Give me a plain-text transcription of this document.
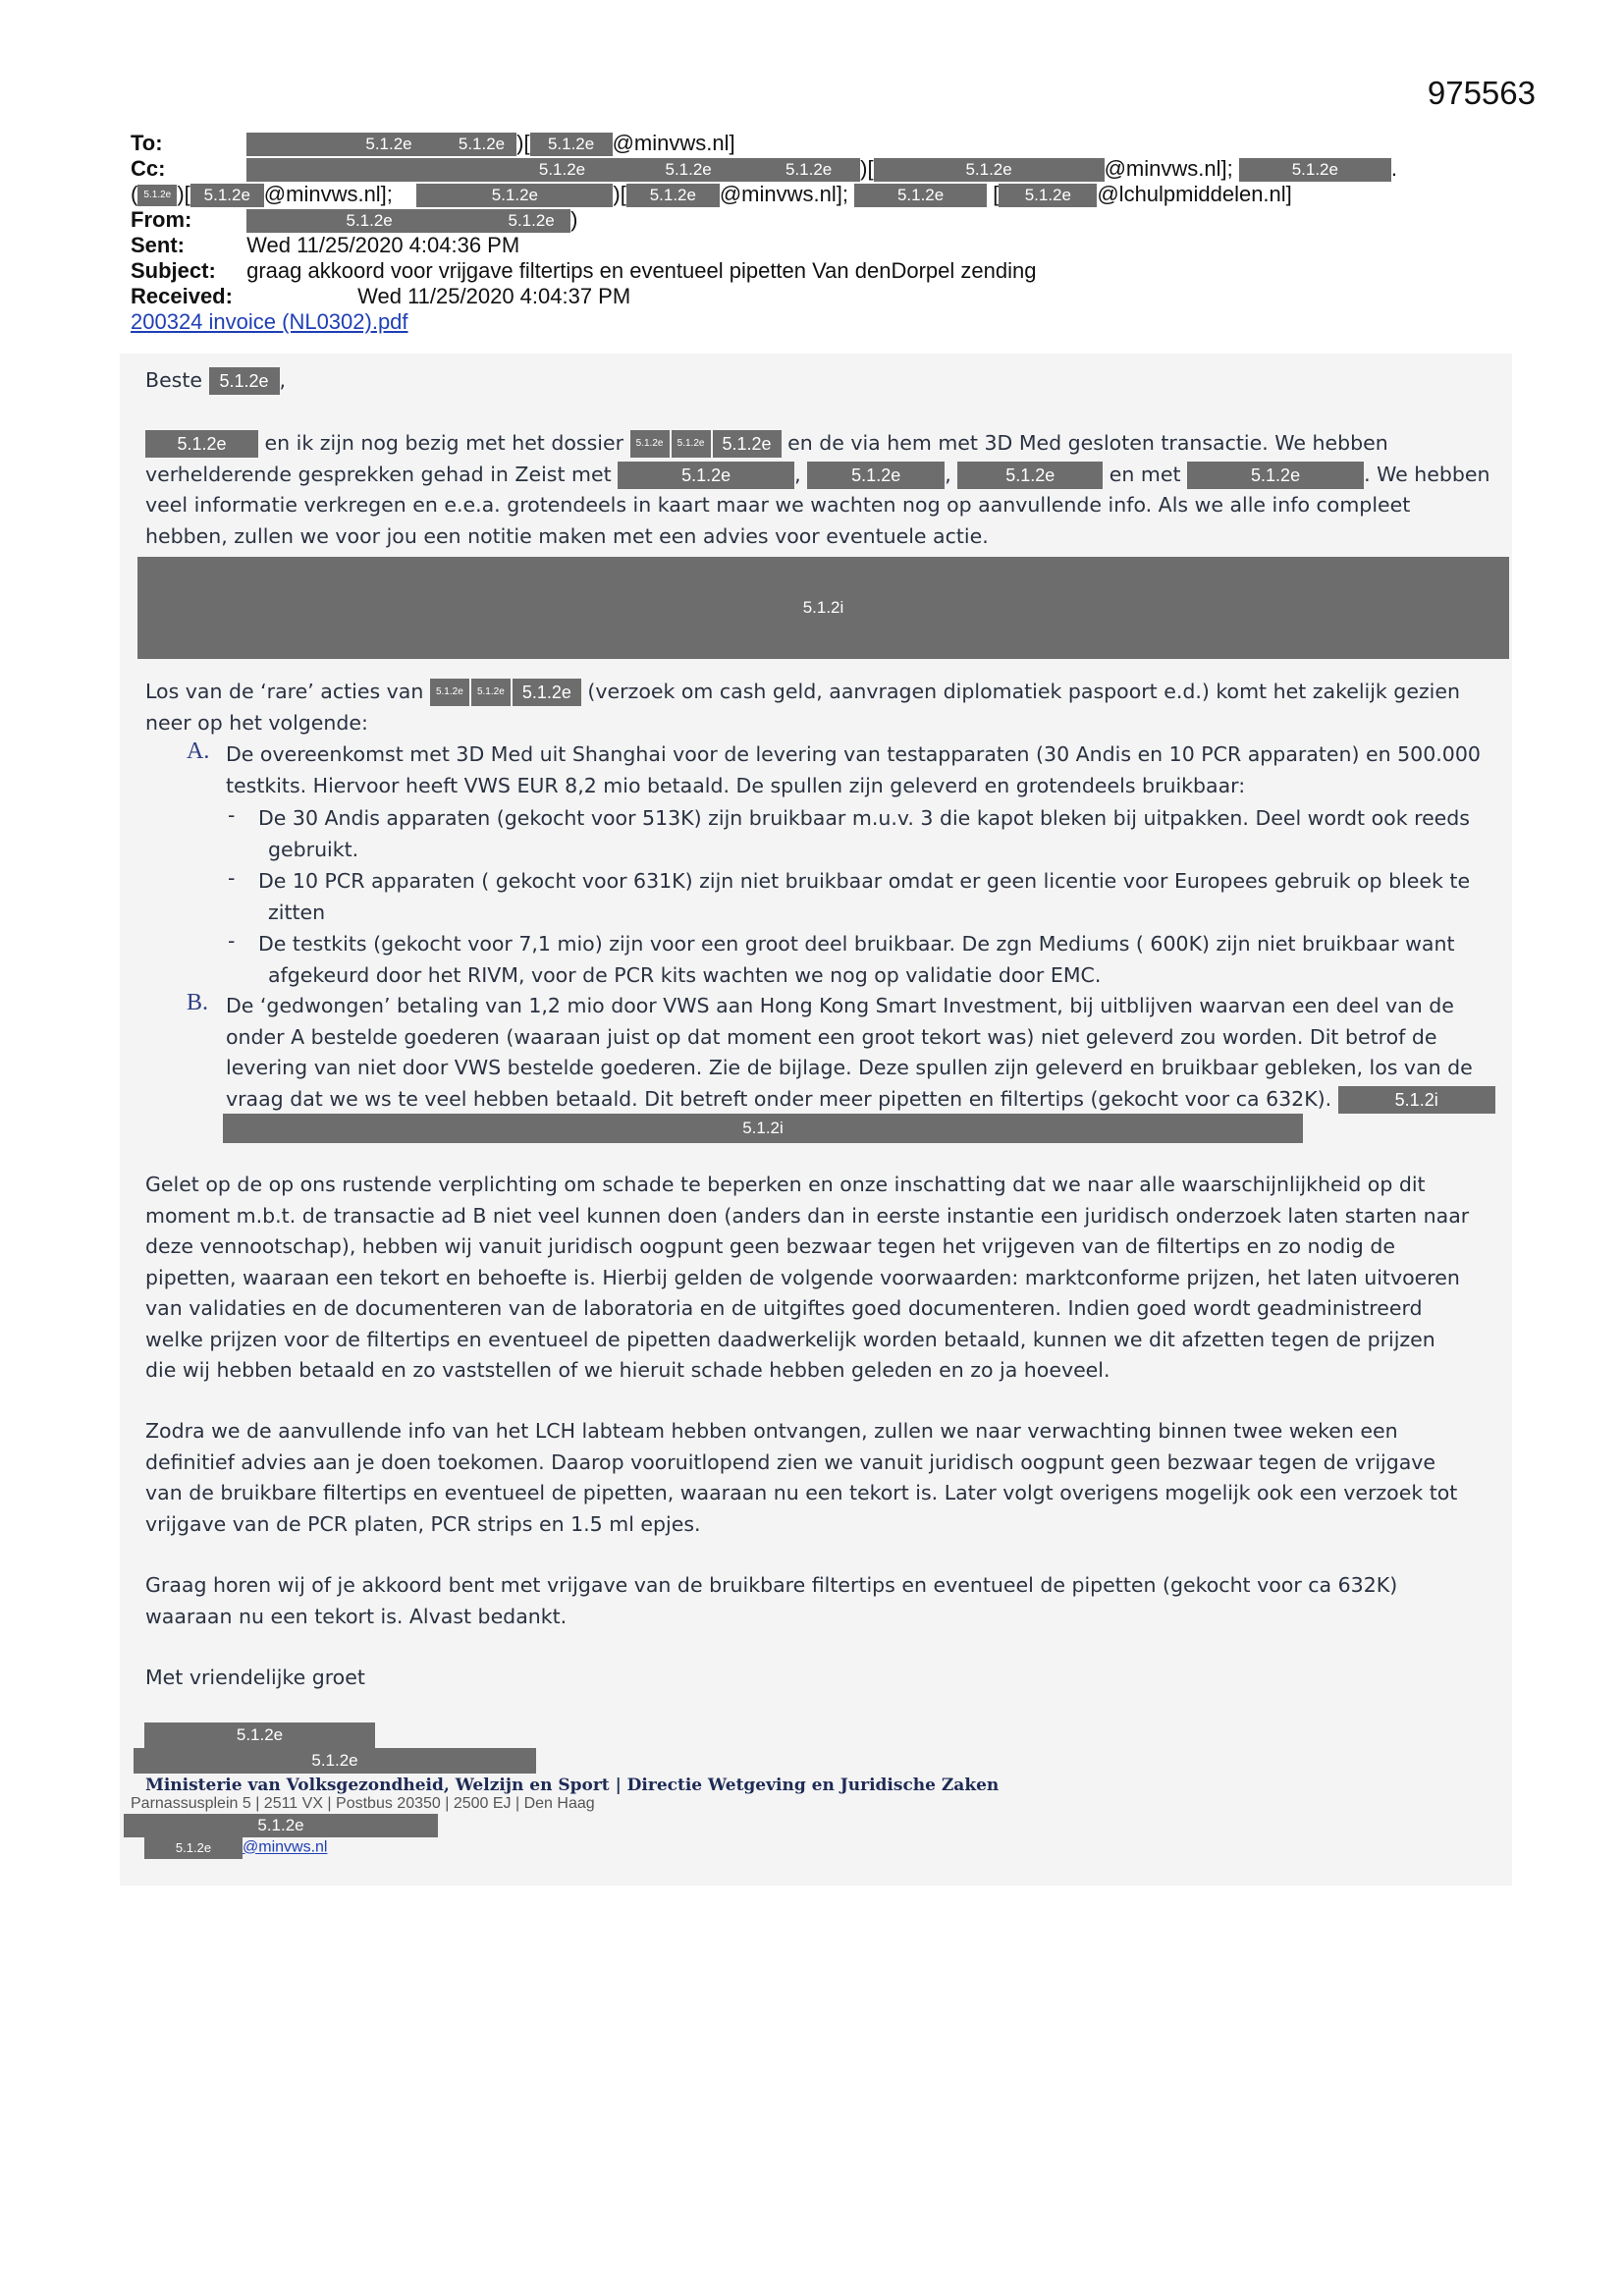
975563
To:	5.1.2e	5.1.2e )[ 5.1.2e @minvws.nl]
Cc:	5.1.2e	5.1.2e	5.1.2e )[	5.1.2e	@minvws.nl];	5.1.2e .
( 5.1.2e )[ 5.1.2e @minvws.nl];	5.1.2e	)[ 5.1.2e @minvws.nl];	5.1.2e [ 5.1.2e @lchulpmiddelen.nl]
From:	5.1.2e	5.1.2e )
Sent:	Wed 11/25/2020 4:04:36 PM
Subject: graag akkoord voor vrijgave filtertips en eventueel pipetten Van denDorpel zending
Received:	Wed 11/25/2020 4:04:37 PM
200324 invoice (NL0302).pdf
Beste 5.1.2e ,

5.1.2e en ik zijn nog bezig met het dossier 5.1.2e 5.1.2e 5.1.2e en de via hem met 3D Med gesloten transactie. We hebben

verhelderende gesprekken gehad in Zeist met	5.1.2e	, 5.1.2e ,	5.1.2e	en met	5.1.2e	. We hebben

veel informatie verkregen en e.e.a. grotendeels in kaart maar we wachten nog op aanvullende info. Als we alle info compleet

hebben, zullen we voor jou een notitie maken met een advies voor eventuele actie.

5.1.2i

Los van de ‘rare’ acties van 5.1.2e 5.1.2e 5.1.2e (verzoek om cash geld, aanvragen diplomatiek paspoort e.d.) komt het zakelijk gezien

neer op het volgende:

A. De overeenkomst met 3D Med uit Shanghai voor de levering van testapparaten (30 Andis en 10 PCR apparaten) en 500.000

testkits. Hiervoor heeft VWS EUR 8,2 mio betaald. De spullen zijn geleverd en grotendeels bruikbaar:

- De 30 Andis apparaten (gekocht voor 513K) zijn bruikbaar m.u.v. 3 die kapot bleken bij uitpakken. Deel wordt ook reeds

gebruikt.

- De 10 PCR apparaten ( gekocht voor 631K) zijn niet bruikbaar omdat er geen licentie voor Europees gebruik op bleek te

zitten

- De testkits (gekocht voor 7,1 mio) zijn voor een groot deel bruikbaar. De zgn Mediums ( 600K) zijn niet bruikbaar want

afgekeurd door het RIVM, voor de PCR kits wachten we nog op validatie door EMC.

B. De ‘gedwongen’ betaling van 1,2 mio door VWS aan Hong Kong Smart Investment, bij uitblijven waarvan een deel van de

onder A bestelde goederen (waaraan juist op dat moment een groot tekort was) niet geleverd zou worden. Dit betrof de

levering van niet door VWS bestelde goederen. Zie de bijlage. Deze spullen zijn geleverd en bruikbaar gebleken, los van de

vraag dat we ws te veel hebben betaald. Dit betreft onder meer pipetten en filtertips (gekocht voor ca 632K).	5.1.2i

5.1.2i

Gelet op de op ons rustende verplichting om schade te beperken en onze inschatting dat we naar alle waarschijnlijkheid op dit

moment m.b.t. de transactie ad B niet veel kunnen doen (anders dan in eerste instantie een juridisch onderzoek laten starten naar

deze vennootschap), hebben wij vanuit juridisch oogpunt geen bezwaar tegen het vrijgeven van de filtertips en zo nodig de

pipetten, waaraan een tekort en behoefte is. Hierbij gelden de volgende voorwaarden: marktconforme prijzen, het laten uitvoeren

van validaties en de documenteren van de laboratoria en de uitgiftes goed documenteren. Indien goed wordt geadministreerd

welke prijzen voor de filtertips en eventueel de pipetten daadwerkelijk worden betaald, kunnen we dit afzetten tegen de prijzen

die wij hebben betaald en zo vaststellen of we hieruit schade hebben geleden en zo ja hoeveel.

Zodra we de aanvullende info van het LCH labteam hebben ontvangen, zullen we naar verwachting binnen twee weken een

definitief advies aan je doen toekomen. Daarop vooruitlopend zien we vanuit juridisch oogpunt geen bezwaar tegen de vrijgave

van de bruikbare filtertips en eventueel de pipetten, waaraan nu een tekort is. Later volgt overigens mogelijk ook een verzoek tot

vrijgave van de PCR platen, PCR strips en 1.5 ml epjes.

Graag horen wij of je akkoord bent met vrijgave van de bruikbare filtertips en eventueel de pipetten (gekocht voor ca 632K)

waaraan nu een tekort is. Alvast bedankt.

Met vriendelijke groet
5.1.2e
5.1.2e
Ministerie van Volksgezondheid, Welzijn en Sport | Directie Wetgeving en Juridische Zaken
Parnassusplein 5 | 2511 VX | Postbus 20350 | 2500 EJ | Den Haag
5.1.2e
5.1.2e @minvws.nl
